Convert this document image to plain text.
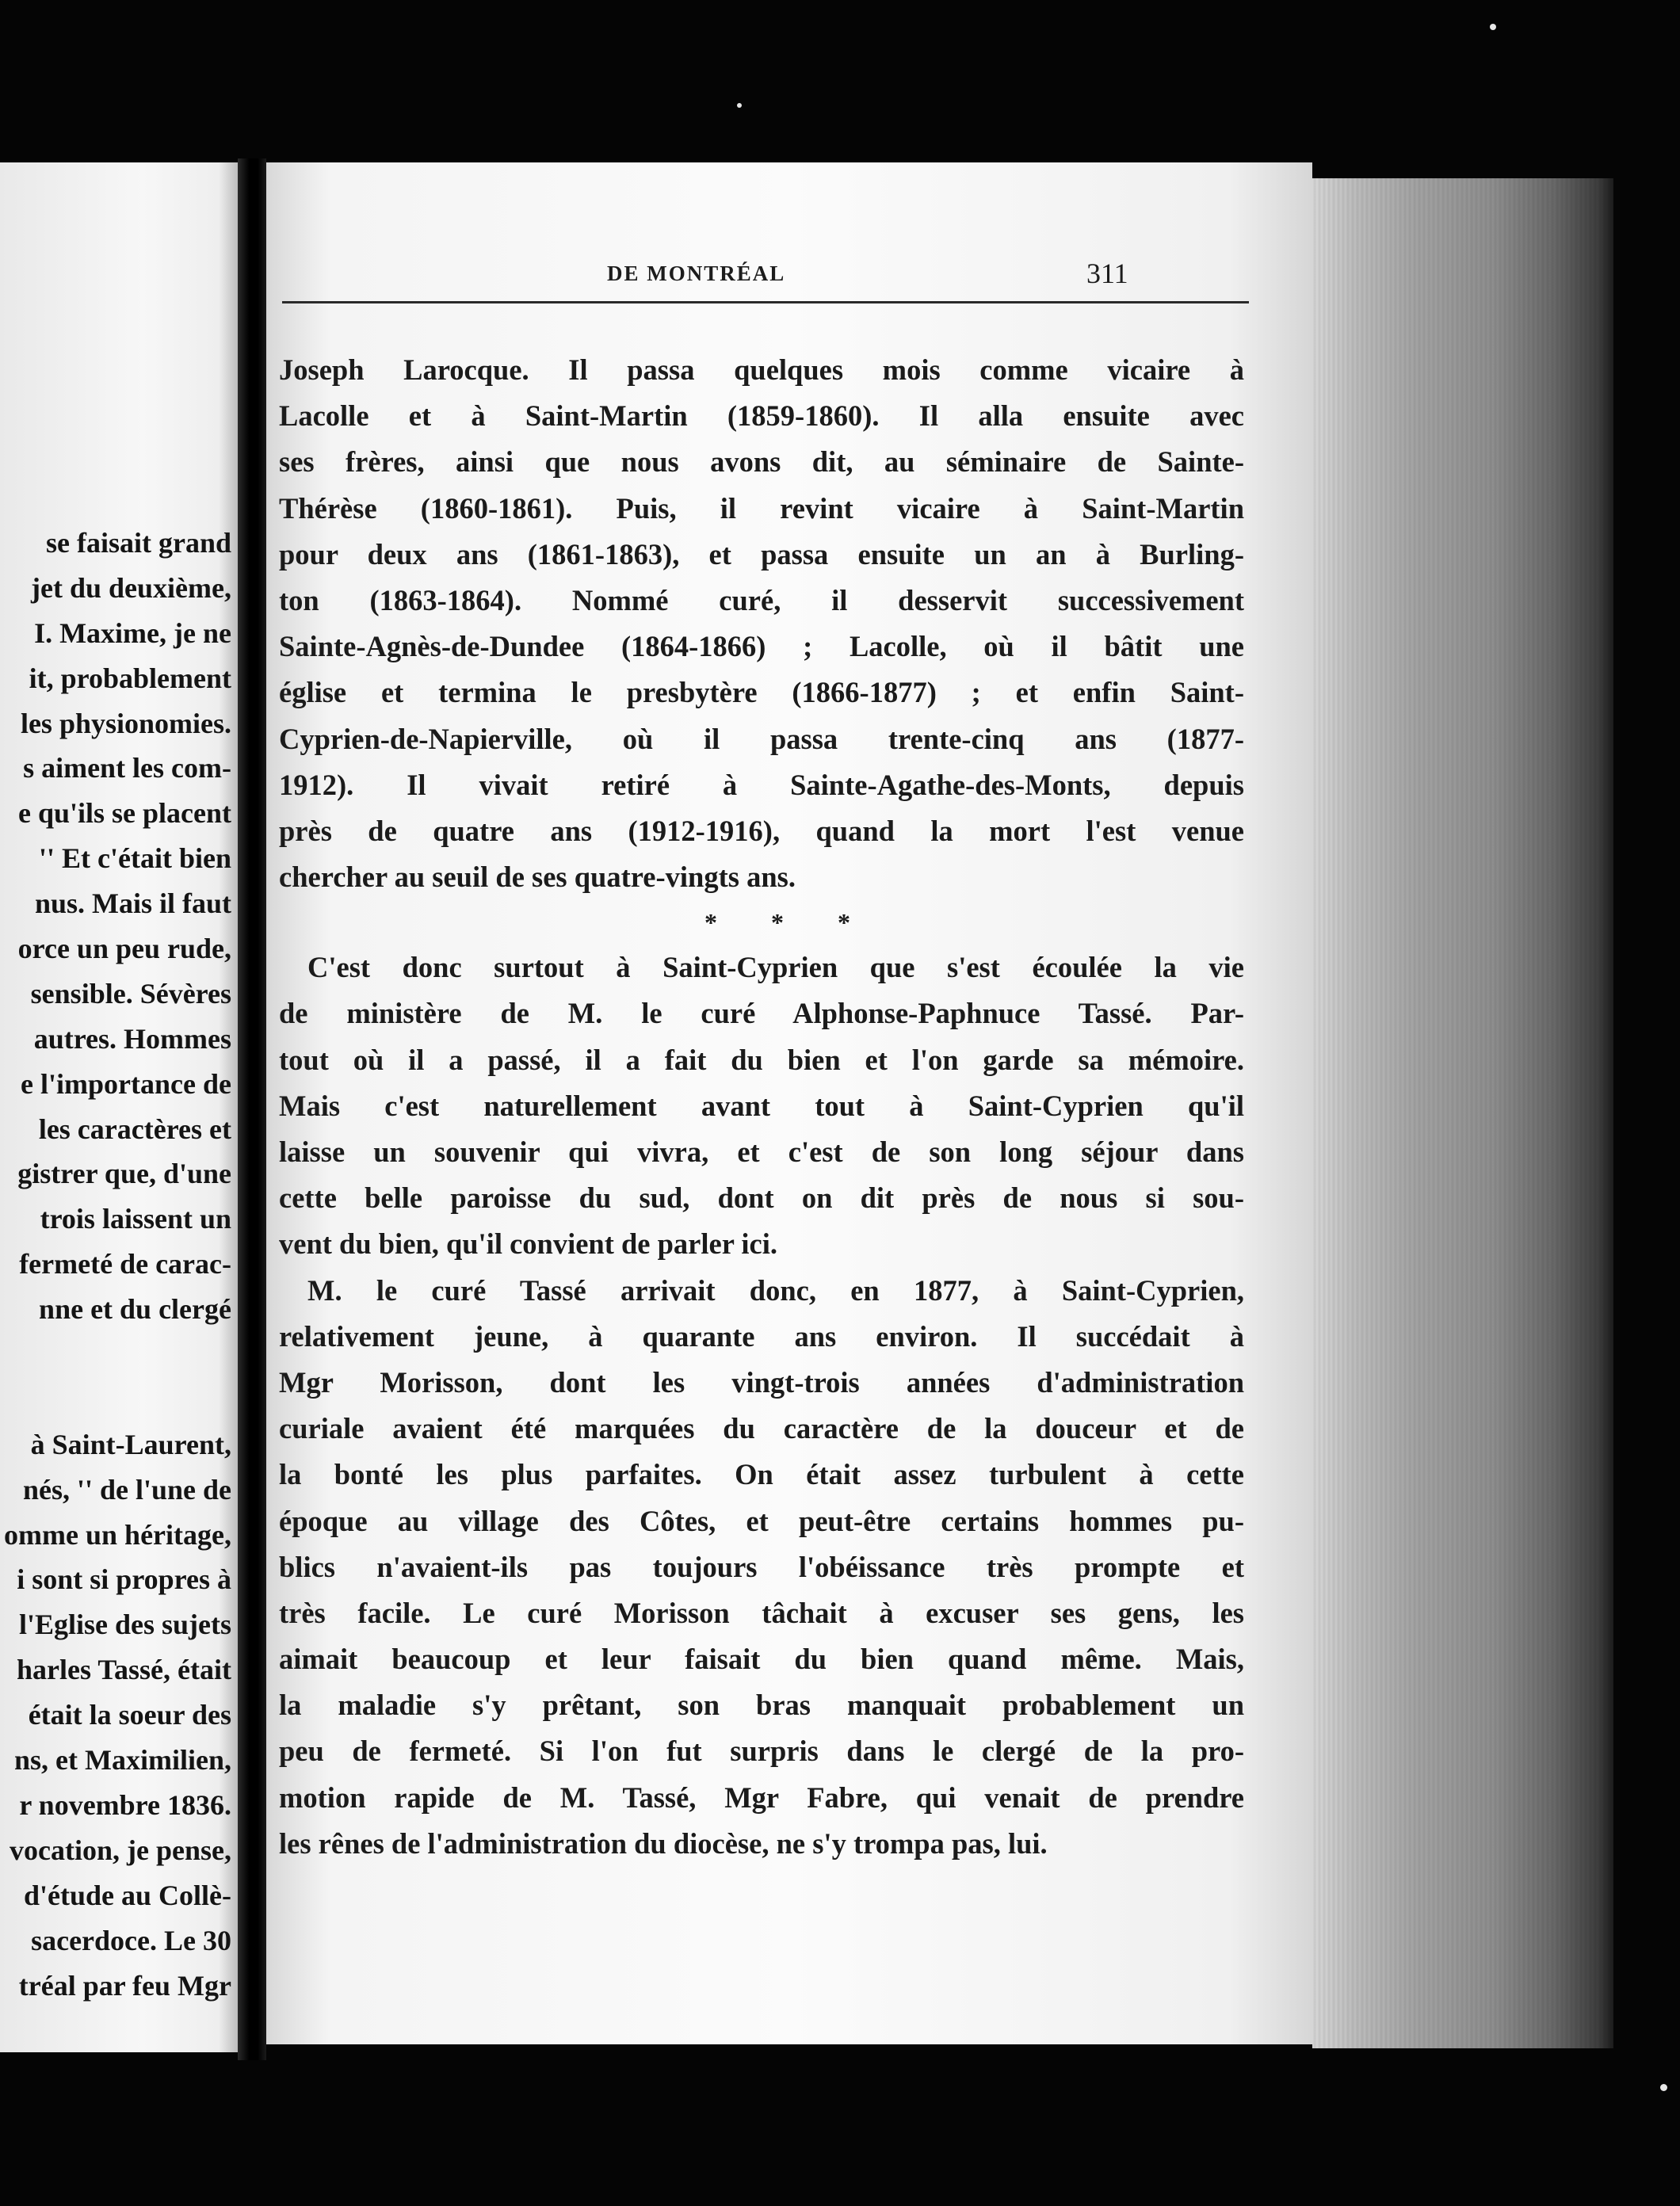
se faisait grand
jet du deuxième,
I. Maxime, je ne
it, probablement
les physionomies.
s aiment les com-
e qu'ils se placent
'' Et c'était bien
nus. Mais il faut
orce un peu rude,
sensible. Sévères
autres. Hommes
e l'importance de
les caractères et
gistrer que, d'une
trois laissent un
fermeté de carac-
nne et du clergé
à Saint-Laurent,
nés, '' de l'une de
omme un héritage,
i sont si propres à
l'Eglise des sujets
harles Tassé, était
était la soeur des
ns, et Maximilien,
r novembre 1836.
vocation, je pense,
d'étude au Collè-
sacerdoce. Le 30
tréal par feu Mgr
DE MONTRÉAL	311
Joseph Larocque. Il passa quelques mois comme vicaire à
Lacolle et à Saint-Martin (1859-1860). Il alla ensuite avec
ses frères, ainsi que nous avons dit, au séminaire de Sainte-
Thérèse (1860-1861). Puis, il revint vicaire à Saint-Martin
pour deux ans (1861-1863), et passa ensuite un an à Burling-
ton (1863-1864). Nommé curé, il desservit successivement
Sainte-Agnès-de-Dundee (1864-1866) ; Lacolle, où il bâtit une
église et termina le presbytère (1866-1877) ; et enfin Saint-
Cyprien-de-Napierville, où il passa trente-cinq ans (1877-
1912). Il vivait retiré à Sainte-Agathe-des-Monts, depuis
près de quatre ans (1912-1916), quand la mort l'est venue
chercher au seuil de ses quatre-vingts ans.
* * *
C'est donc surtout à Saint-Cyprien que s'est écoulée la vie
de ministère de M. le curé Alphonse-Paphnuce Tassé. Par-
tout où il a passé, il a fait du bien et l'on garde sa mémoire.
Mais c'est naturellement avant tout à Saint-Cyprien qu'il
laisse un souvenir qui vivra, et c'est de son long séjour dans
cette belle paroisse du sud, dont on dit près de nous si sou-
vent du bien, qu'il convient de parler ici.
M. le curé Tassé arrivait donc, en 1877, à Saint-Cyprien,
relativement jeune, à quarante ans environ. Il succédait à
Mgr Morisson, dont les vingt-trois années d'administration
curiale avaient été marquées du caractère de la douceur et de
la bonté les plus parfaites. On était assez turbulent à cette
époque au village des Côtes, et peut-être certains hommes pu-
blics n'avaient-ils pas toujours l'obéissance très prompte et
très facile. Le curé Morisson tâchait à excuser ses gens, les
aimait beaucoup et leur faisait du bien quand même. Mais,
la maladie s'y prêtant, son bras manquait probablement un
peu de fermeté. Si l'on fut surpris dans le clergé de la pro-
motion rapide de M. Tassé, Mgr Fabre, qui venait de prendre
les rênes de l'administration du diocèse, ne s'y trompa pas, lui.
